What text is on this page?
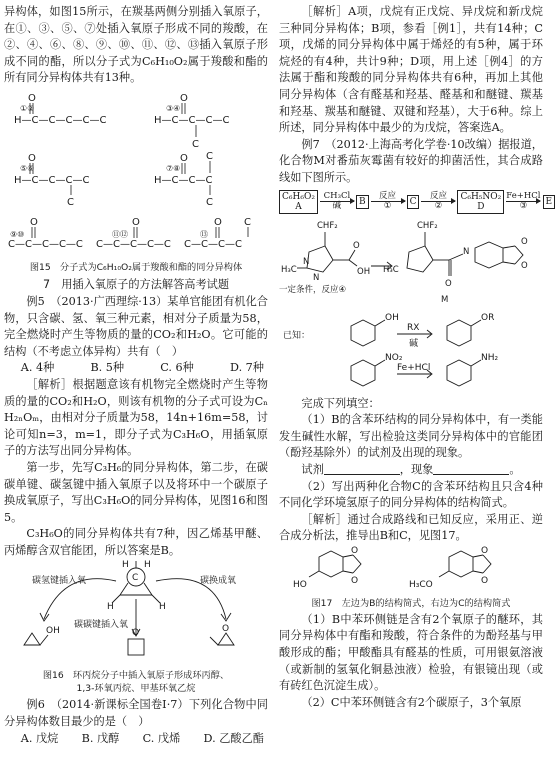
异构体，如图15所示，在羰基两侧分别插入氧原子，在①、③、⑤、⑦处插入氧原子形成不同的羧酸，在②、④、⑥、⑧、⑨、⑩、⑪、⑫、⑬插入氧原子形成不同的酯，所以分子式为C₆H₁₀O₂属于羧酸和酯的所有同分异构体共有13种。

H—C—C—C—C—C
O
①②
H—C—C—C—C
O
③④
C
H—C—C—C—C
O
⑤⑥
C
H—C—C—C
O
⑦⑧
C
C
C—C—C—C—C
O
⑨⑩
C—C—C—C—C
O
⑪⑫
C—C—C—C
O
⑬
C
图15　分子式为C₆H₁₀O₂属于羧酸和酯的同分异构体
7　用插入氧原子的方法解答高考试题

例5　（2013·广西理综·13）某单官能团有机化合物，只含碳、氢、氧三种元素，相对分子质量为58，完全燃烧时产生等物质的量的CO₂和H₂O。它可能的结构（不考虑立体异构）共有（　）

A. 4种	B. 5种	C. 6种	D. 7种

［解析］根据题意该有机物完全燃烧时产生等物质的量的CO₂和H₂O，则该有机物的分子式可设为CₙH₂ₙOₘ，由相对分子质量为58，14n+16m=58，讨论可知n=3，m=1，即分子式为C₃H₆O，用插氧原子的方法写出同分异构体。

第一步，先写C₃H₆的同分异构体，第二步，在碳碳单键、碳氢键中插入氧原子以及将环中一个碳原子换成氧原子，写出C₃H₆O的同分异构体，见图16和图5。

C₃H₆O的同分异构体共有7种，因乙烯基甲醚、丙烯醇含双官能团，所以答案是B。

H H
C
H	H
碳氢键插入氧	碳换成氧
碳碳键插入氧
OH	O	O
图16　环丙烷分子中插入氧原子形成环丙醇、
1,3-环氧丙烷、甲基环氧乙烷

例6　（2014·新课标全国卷Ⅰ·7）下列化合物中同分异构体数目最少的是（　）

A. 戊烷 B. 戊醇 C. 戊烯 D. 乙酸乙酯

［解析］A项，戊烷有正戊烷、异戊烷和新戊烷三种同分异构体；B项，参看［例1］，共有14种；C项，戊烯的同分异构体中属于烯烃的有5种，属于环烷烃的有4种，共计9种；D项，用上述［例4］的方法属于酯和羧酸的同分异构体共有6种，再加上其他同分异构体（含有醛基和羟基、醛基和和醚键、羰基和羟基、羰基和醚键、双键和羟基），大于6种。综上所述，同分异构体中最少的为戊烷，答案选A。

例7　（2012·上海高考化学卷·10改编）据报道，化合物M对番茄灰霉菌有较好的抑菌活性，其合成路线如下图所示。

C₆H₆O₂
A
CH₃Cl
碱	B
反应
①	C
反应
②
C₆H₅NO₂
D
Fe+HCl
③	E
CHF₂
H₃C
N
N
O
OH
CHF₂
H₃C
O
N
O
O
一定条件，反应④
M

已知：
OH
RX
碱
OR
NO₂
Fe+HCl
NH₂

完成下列填空：

（1）B的含苯环结构的同分异构体中，有一类能发生碱性水解，写出检验这类同分异构体中的官能团（酚羟基除外）的试剂及出现的现象。

试剂	，现象	。

（2）写出两种化合物C的含苯环结构且只含4种不同化学环境氢原子的同分异构体的结构简式。

［解析］通过合成路线和已知反应，采用正、逆合成分析法，推导出B和C，见图17。

HO	H₃CO
O
O
O
O
图17　左边为B的结构简式，右边为C的结构简式

（1）B中苯环侧链是含有2个氧原子的醚环，其同分异构体中有酯和羧酸，符合条件的为酚羟基与甲酸形成的酯；甲酸酯具有醛基的性质，可用银氨溶液（或新制的氢氧化铜悬浊液）检验，有银镜出现（或有砖红色沉淀生成）。

（2）C中苯环侧链含有2个碳原子，3个氧原
